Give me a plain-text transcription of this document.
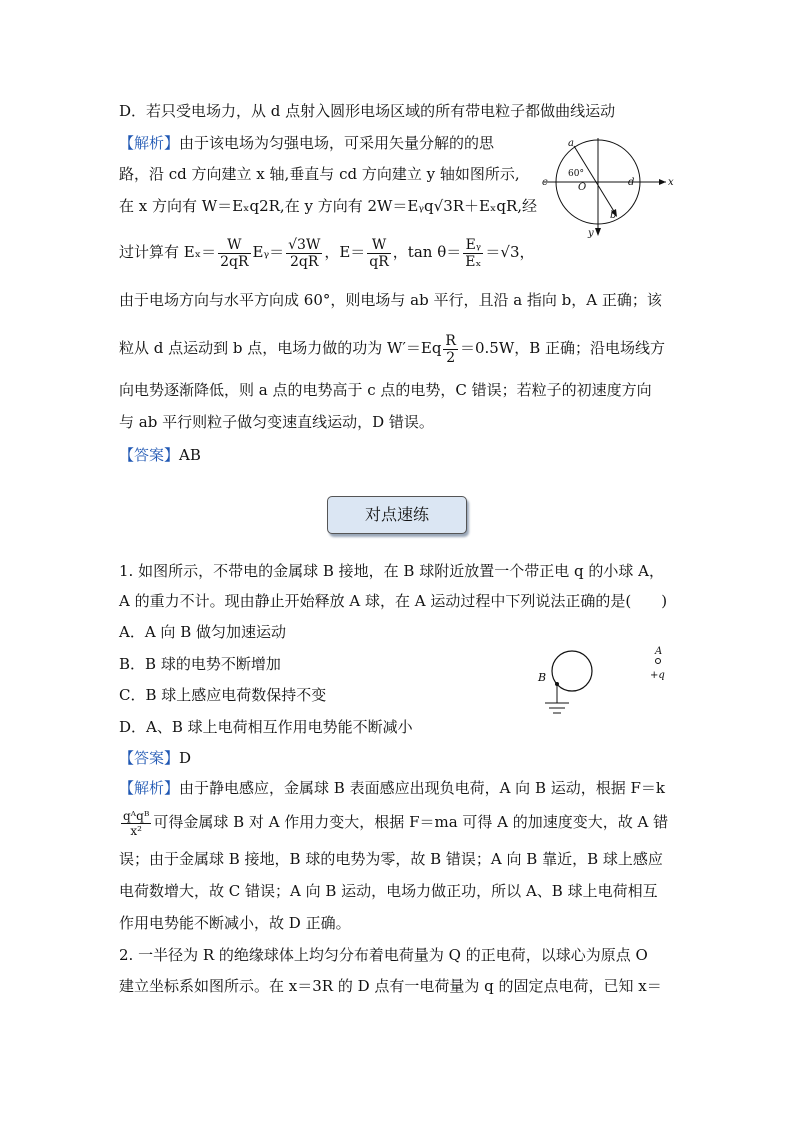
D．若只受电场力，从 d 点射入圆形电场区域的所有带电粒子都做曲线运动
【解析】由于该电场为匀强电场，可采用矢量分解的的思
路，沿 cd 方向建立 x 轴,垂直与 cd 方向建立 y 轴如图所示,
在 x 方向有 W＝Eₓq2R,在 y 方向有 2W＝Eᵧq√3R＋EₓqR,经
过计算有 $E_x= \frac{W}{2qR}$ Eᵧ＝ $\frac{√3W}{2qR}$ ，$E= \frac{W}{qR}$ ，$\tan \theta= \frac{\text{Eᵧ}}{\text{Eₓ}} =√3$，
由于电场方向与水平方向成 60°，则电场与 ab 平行，且沿 a 指向 b，A 正确；该
粒从 d 点运动到 b 点，电场力做的功为 $W'=Eq \frac{R}{2} =0.5W$，B 正确；沿电场线方
向电势逐渐降低，则 a 点的电势高于 c 点的电势，C 错误；若粒子的初速度方向
与 ab 平行则粒子做匀变速直线运动，D 错误。
【答案】AB
a
c	d
b
O	x
y
60°
对点速练
1. 如图所示，不带电的金属球 B 接地，在 B 球附近放置一个带正电 q 的小球 A，
A 的重力不计。现由静止开始释放 A 球，在 A 运动过程中下列说法正确的是(　　)
A．A 向 B 做匀加速运动
B．B 球的电势不断增加
C．B 球上感应电荷数保持不变
D．A、B 球上电荷相互作用电势能不断减小
B
A
+q
【答案】D
【解析】由于静电感应，金属球 B 表面感应出现负电荷，A 向 B 运动，根据 F＝k
$\frac{\text{qᴬqᴮ}}{\text{x²}}$ 可得金属球 B 对 A 作用力变大，根据 F＝ma 可得 A 的加速度变大，故 A 错
误；由于金属球 B 接地，B 球的电势为零，故 B 错误；A 向 B 靠近，B 球上感应
电荷数增大，故 C 错误；A 向 B 运动，电场力做正功，所以 A、B 球上电荷相互
作用电势能不断减小，故 D 正确。
2. 一半径为 R 的绝缘球体上均匀分布着电荷量为 Q 的正电荷，以球心为原点 O
建立坐标系如图所示。在 x＝3R 的 D 点有一电荷量为 q 的固定点电荷，已知 x＝
